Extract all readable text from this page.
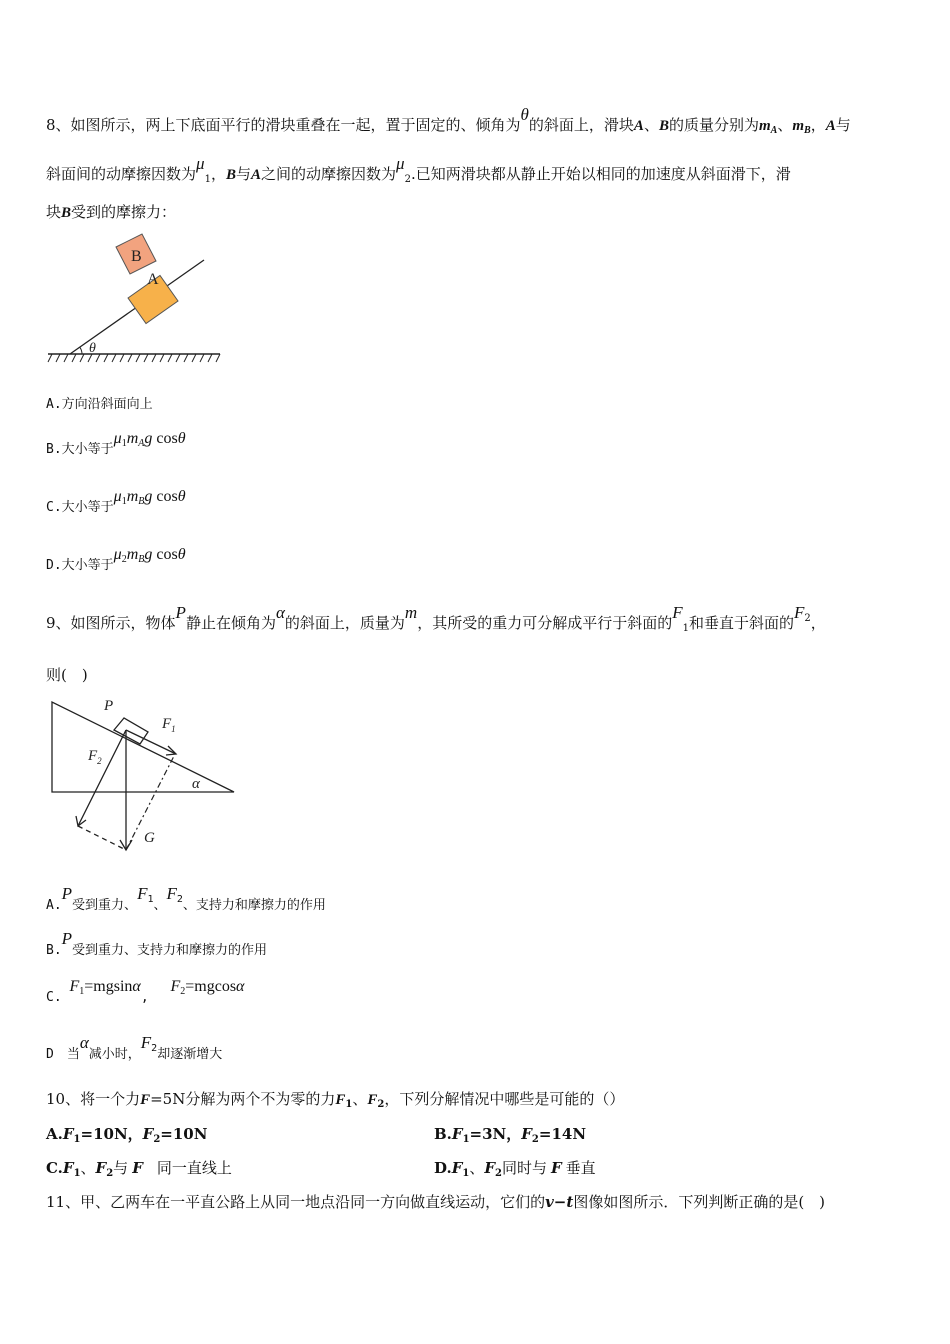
8、如图所示，两上下底面平行的滑块重叠在一起，置于固定的、倾角为θ的斜面上，滑块A、B的质量分别为$m_A$、$m_B$，A与
斜面间的动摩擦因数为$\mu_1$，B与A之间的动摩擦因数为$\mu_2$.已知两滑块都从静止开始以相同的加速度从斜面滑下，滑
块B受到的摩擦力：
B
A
θ
A.方向沿斜面向上
B.大小等于$\mu_1m_Ag$ cosθ
C.大小等于$\mu_1m_Bg$ cosθ
D.大小等于$\mu_2m_Bg$ cosθ
9、如图所示，物体P静止在倾角为α的斜面上，质量为m，其所受的重力可分解成平行于斜面的$F_1$和垂直于斜面的$F^2$，
则(　)
P
$F_1$
$F_2$
G
α
A.P受到重力、$F^1$、$F^2$、支持力和摩擦力的作用
B.P受到重力、支持力和摩擦力的作用
C. $F_1=mgsin\alpha$, $F_2=mgcos\alpha$
D　当α减小时，$F^2$却逐渐增大
10、将一个力F=5N分解为两个不为零的力$F_1$、$F_2$，下列分解情况中哪些是可能的（）
$A.F_1=10N$，$F_2=10N$	$B.F_1=3N$，$F_2=14N$
$C.F_1$、$F_2$与 F 同一直线上	$D.F_1$、$F_2$同时与 F 垂直
11、甲、乙两车在一平直公路上从同一地点沿同一方向做直线运动，它们的v−t图像如图所示．下列判断正确的是(　)
